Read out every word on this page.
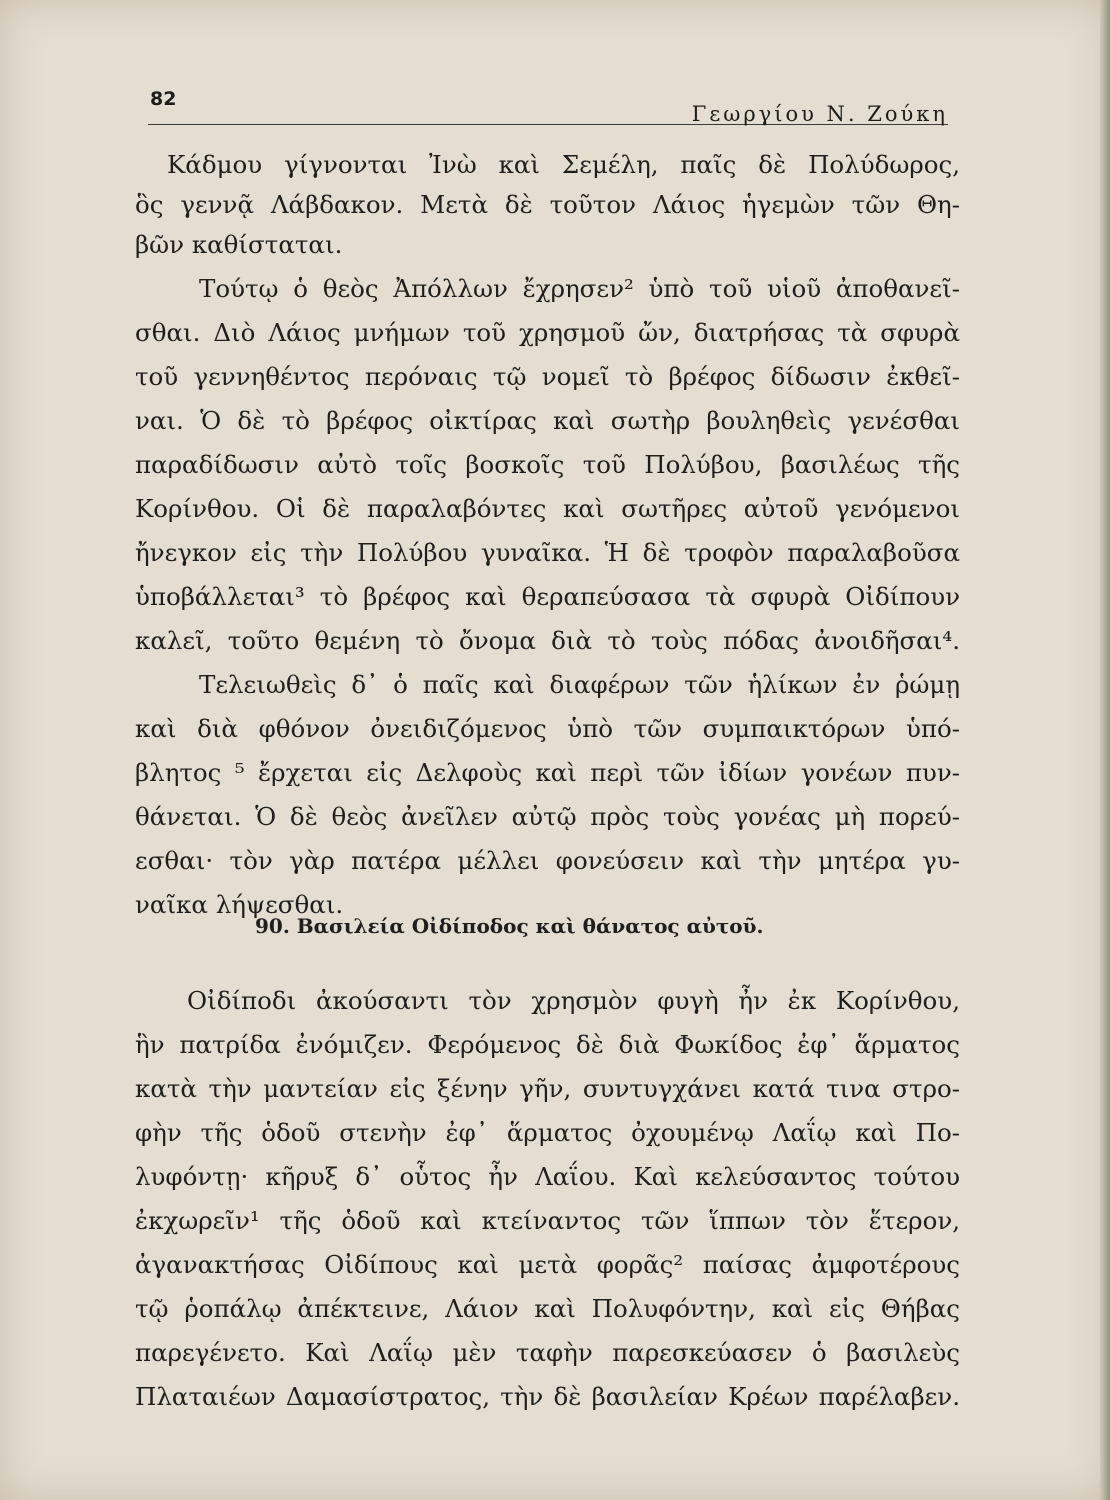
82
Γεωργίου Ν. Ζούκη
Κάδμου γίγνονται Ἰνὼ καὶ Σεμέλη, παῖς δὲ Πολύδωρος,
ὃς γεννᾷ Λάβδακον. Μετὰ δὲ τοῦτον Λάιος ἡγεμὼν τῶν Θη-
βῶν καθίσταται.
Τούτῳ ὁ θεὸς Ἀπόλλων ἔχρησεν² ὑπὸ τοῦ υἱοῦ ἀποθανεῖ-
σθαι. Διὸ Λάιος μνήμων τοῦ χρησμοῦ ὤν, διατρήσας τὰ σφυρὰ
τοῦ γεννηθέντος περόναις τῷ νομεῖ τὸ βρέφος δίδωσιν ἐκθεῖ-
ναι. Ὁ δὲ τὸ βρέφος οἰκτίρας καὶ σωτὴρ βουληθεὶς γενέσθαι
παραδίδωσιν αὐτὸ τοῖς βοσκοῖς τοῦ Πολύβου, βασιλέως τῆς
Κορίνθου. Οἱ δὲ παραλαβόντες καὶ σωτῆρες αὐτοῦ γενόμενοι
ἤνεγκον εἰς τὴν Πολύβου γυναῖκα. Ἡ δὲ τροφὸν παραλαβοῦσα
ὑποβάλλεται³ τὸ βρέφος καὶ θεραπεύσασα τὰ σφυρὰ Οἰδίπουν
καλεῖ, τοῦτο θεμένη τὸ ὄνομα διὰ τὸ τοὺς πόδας ἀνοιδῆσαι⁴.
Τελειωθεὶς δ᾽ ὁ παῖς καὶ διαφέρων τῶν ἡλίκων ἐν ῥώμῃ
καὶ διὰ φθόνον ὀνειδιζόμενος ὑπὸ τῶν συμπαικτόρων ὑπό-
βλητος ⁵ ἔρχεται εἰς Δελφοὺς καὶ περὶ τῶν ἰδίων γονέων πυν-
θάνεται. Ὁ δὲ θεὸς ἀνεῖλεν αὐτῷ πρὸς τοὺς γονέας μὴ πορεύ-
εσθαι· τὸν γὰρ πατέρα μέλλει φονεύσειν καὶ τὴν μητέρα γυ-
ναῖκα λήψεσθαι.
90. Βασιλεία Οἰδίποδος καὶ θάνατος αὐτοῦ.
Οἰδίποδι ἀκούσαντι τὸν χρησμὸν φυγὴ ἦν ἐκ Κορίνθου,
ἣν πατρίδα ἐνόμιζεν. Φερόμενος δὲ διὰ Φωκίδος ἐφ᾽ ἅρματος
κατὰ τὴν μαντείαν εἰς ξένην γῆν, συντυγχάνει κατά τινα στρο-
φὴν τῆς ὁδοῦ στενὴν ἐφ᾽ ἅρματος ὀχουμένῳ Λαΐῳ καὶ Πο-
λυφόντῃ· κῆρυξ δ᾽ οὗτος ἦν Λαΐου. Καὶ κελεύσαντος τούτου
ἐκχωρεῖν¹ τῆς ὁδοῦ καὶ κτείναντος τῶν ἵππων τὸν ἕτερον,
ἀγανακτήσας Οἰδίπους καὶ μετὰ φορᾶς² παίσας ἀμφοτέρους
τῷ ῥοπάλῳ ἀπέκτεινε, Λάιον καὶ Πολυφόντην, καὶ εἰς Θήβας
παρεγένετο. Καὶ Λαΐῳ μὲν ταφὴν παρεσκεύασεν ὁ βασιλεὺς
Πλαταιέων Δαμασίστρατος, τὴν δὲ βασιλείαν Κρέων παρέλαβεν.
